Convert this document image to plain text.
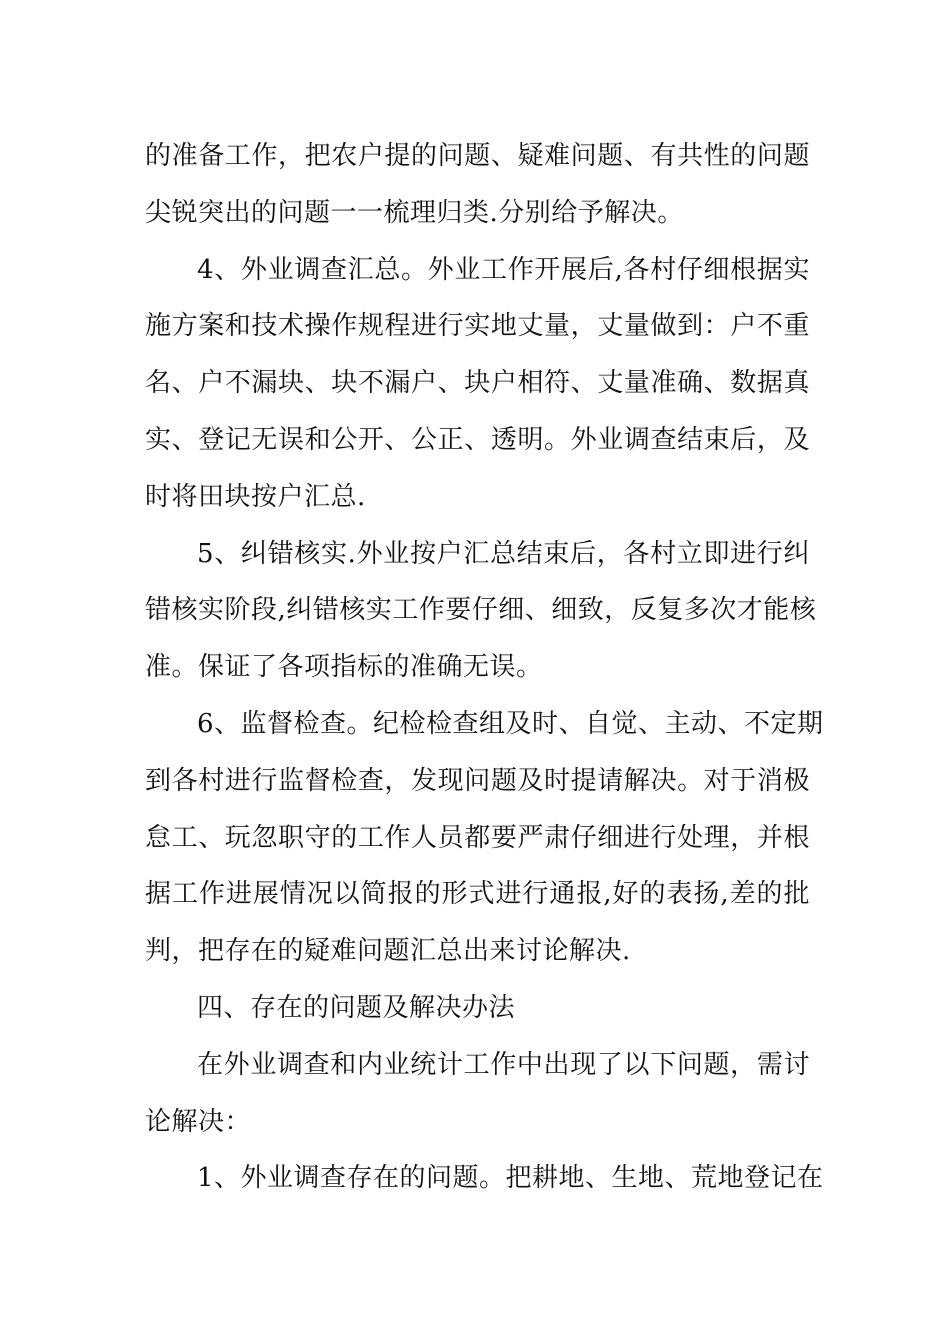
的准备工作，把农户提的问题、疑难问题、有共性的问题
尖锐突出的问题一一梳理归类.分别给予解决。
4、外业调查汇总。外业工作开展后,各村仔细根据实
施方案和技术操作规程进行实地丈量，丈量做到：户不重
名、户不漏块、块不漏户、块户相符、丈量准确、数据真
实、登记无误和公开、公正、透明。外业调查结束后，及
时将田块按户汇总.
5、纠错核实.外业按户汇总结束后，各村立即进行纠
错核实阶段,纠错核实工作要仔细、细致，反复多次才能核
准。保证了各项指标的准确无误。
6、监督检查。纪检检查组及时、自觉、主动、不定期
到各村进行监督检查，发现问题及时提请解决。对于消极
怠工、玩忽职守的工作人员都要严肃仔细进行处理，并根
据工作进展情况以简报的形式进行通报,好的表扬,差的批
判，把存在的疑难问题汇总出来讨论解决.
四、存在的问题及解决办法
在外业调查和内业统计工作中出现了以下问题，需讨
论解决：
1、外业调查存在的问题。把耕地、生地、荒地登记在
